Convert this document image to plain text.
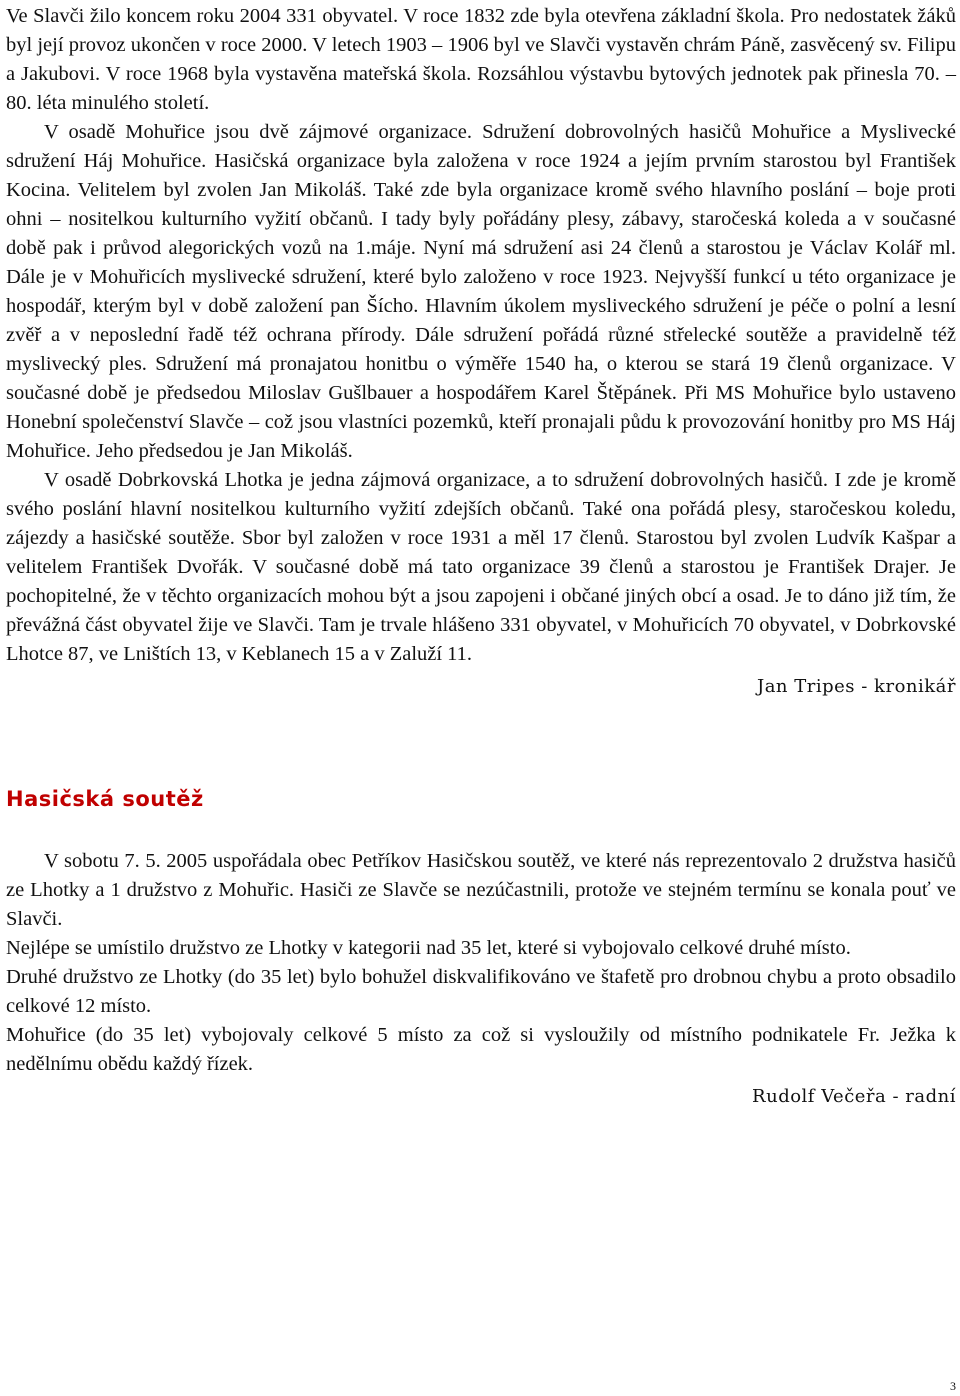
Ve Slavči žilo koncem roku 2004 331 obyvatel. V roce 1832 zde byla otevřena základní škola. Pro nedostatek žáků byl její provoz ukončen v roce 2000. V letech 1903 – 1906 byl ve Slavči vystavěn chrám Páně, zasvěcený sv. Filipu a Jakubovi. V roce 1968 byla vystavěna mateřská škola. Rozsáhlou výstavbu bytových jednotek pak přinesla 70. – 80. léta minulého století.

V osadě Mohuřice jsou dvě zájmové organizace. Sdružení dobrovolných hasičů Mohuřice a Myslivecké sdružení Háj Mohuřice. Hasičská organizace byla založena v roce 1924 a jejím prvním starostou byl František Kocina. Velitelem byl zvolen Jan Mikoláš. Také zde byla organizace kromě svého hlavního poslání – boje proti ohni – nositelkou kulturního vyžití občanů. I tady byly pořádány plesy, zábavy, staročeská koleda a v současné době pak i průvod alegorických vozů na 1.máje. Nyní má sdružení asi 24 členů a starostou je Václav Kolář ml. Dále je v Mohuřicích myslivecké sdružení, které bylo založeno v roce 1923. Nejvyšší funkcí u této organizace je hospodář, kterým byl v době založení pan Šícho. Hlavním úkolem mysliveckého sdružení je péče o polní a lesní zvěř a v neposlední řadě též ochrana přírody. Dále sdružení pořádá různé střelecké soutěže a pravidelně též myslivecký ples. Sdružení má pronajatou honitbu o výměře 1540 ha, o kterou se stará 19 členů organizace. V současné době je předsedou Miloslav Gušlbauer a hospodářem Karel Štěpánek. Při MS Mohuřice bylo ustaveno Honební společenství Slavče – což jsou vlastníci pozemků, kteří pronajali půdu k provozování honitby pro MS Háj Mohuřice. Jeho předsedou je Jan Mikoláš.

V osadě Dobrkovská Lhotka je jedna zájmová organizace, a to sdružení dobrovolných hasičů. I zde je kromě svého poslání hlavní nositelkou kulturního vyžití zdejších občanů. Také ona pořádá plesy, staročeskou koledu, zájezdy a hasičské soutěže. Sbor byl založen v roce 1931 a měl 17 členů. Starostou byl zvolen Ludvík Kašpar a velitelem František Dvořák. V současné době má tato organizace 39 členů a starostou je František Drajer. Je pochopitelné, že v těchto organizacích mohou být a jsou zapojeni i občané jiných obcí a osad. Je to dáno již tím, že převážná část obyvatel žije ve Slavči. Tam je trvale hlášeno 331 obyvatel, v Mohuřicích 70 obyvatel, v Dobrkovské Lhotce 87, ve Lništích 13, v Keblanech 15 a v Zaluží 11.

Jan Tripes - kronikář
Hasičská soutěž

V sobotu 7. 5. 2005 uspořádala obec Petříkov Hasičskou soutěž, ve které nás reprezentovalo 2 družstva hasičů ze Lhotky a 1 družstvo z Mohuřic. Hasiči ze Slavče se nezúčastnili, protože ve stejném termínu se konala pouť ve Slavči.

Nejlépe se umístilo družstvo ze Lhotky v kategorii nad 35 let, které si vybojovalo celkové druhé místo.

Druhé družstvo ze Lhotky (do 35 let) bylo bohužel diskvalifikováno ve štafetě pro drobnou chybu a proto obsadilo celkové 12 místo.

Mohuřice (do 35 let) vybojovaly celkové 5 místo za což si vysloužily od místního podnikatele Fr. Ježka k nedělnímu obědu každý řízek.

Rudolf Večeřa - radní
3
